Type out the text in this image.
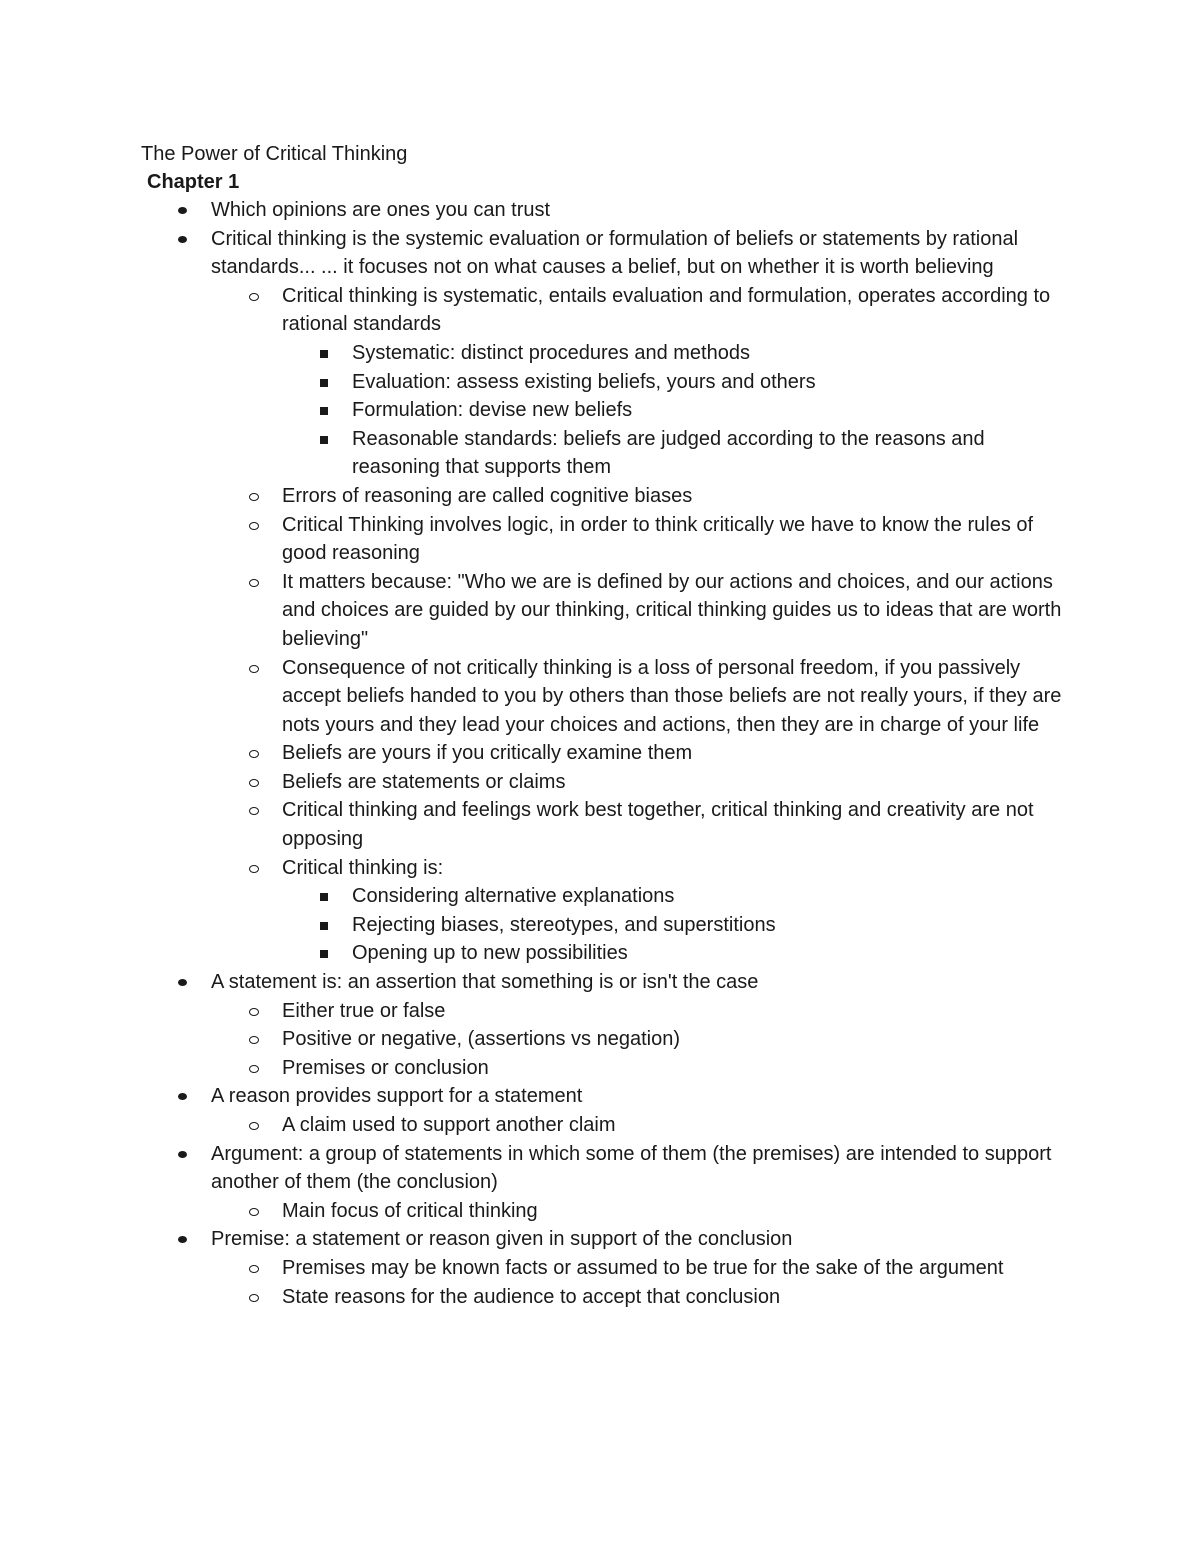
The Power of Critical Thinking
Chapter 1
Which opinions are ones you can trust
Critical thinking is the systemic evaluation or formulation of beliefs or statements by rational standards... ... it focuses not on what causes a belief, but on whether it is worth believing
Critical thinking is systematic, entails evaluation and formulation, operates according to rational standards
Systematic: distinct procedures and methods
Evaluation: assess existing beliefs, yours and others
Formulation: devise new beliefs
Reasonable standards: beliefs are judged according to the reasons and reasoning that supports them
Errors of reasoning are called cognitive biases
Critical Thinking involves logic, in order to think critically we have to know the rules of good reasoning
It matters because: "Who we are is defined by our actions and choices, and our actions and choices are guided by our thinking, critical thinking guides us to ideas that are worth believing"
Consequence of not critically thinking is a loss of personal freedom, if you passively accept beliefs handed to you by others than those beliefs are not really yours, if they are nots yours and they lead your choices and actions, then they are in charge of your life
Beliefs are yours if you critically examine them
Beliefs are statements or claims
Critical thinking and feelings work best together, critical thinking and creativity are not opposing
Critical thinking is:
Considering alternative explanations
Rejecting biases, stereotypes, and superstitions
Opening up to new possibilities
A statement is: an assertion that something is or isn't the case
Either true or false
Positive or negative, (assertions vs negation)
Premises or conclusion
A reason provides support for a statement
A claim used to support another claim
Argument: a group of statements in which some of them (the premises) are intended to support another of them (the conclusion)
Main focus of critical thinking
Premise: a statement or reason given in support of the conclusion
Premises may be known facts or assumed to be true for the sake of the argument
State reasons for the audience to accept that conclusion
